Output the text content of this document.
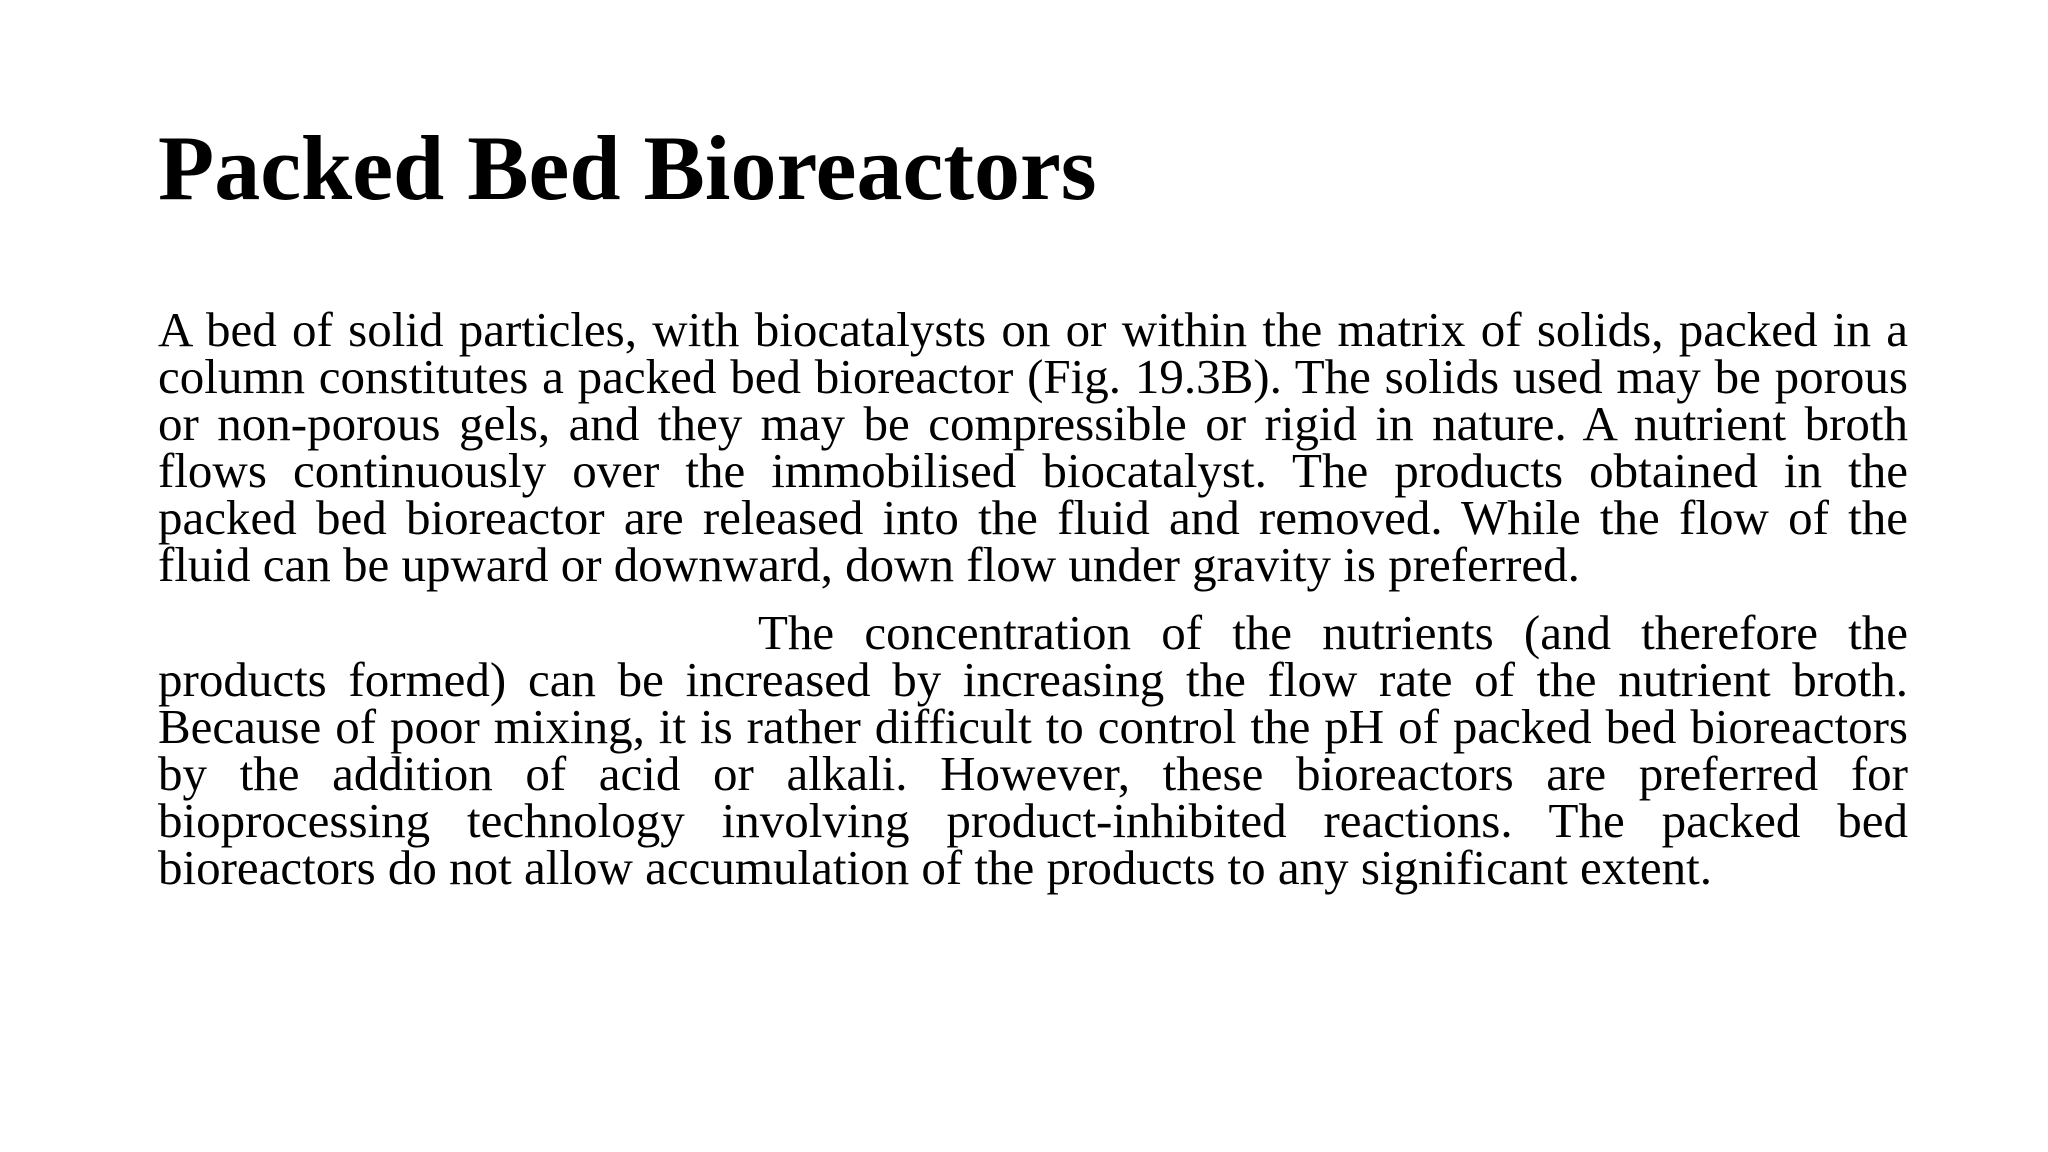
Packed Bed Bioreactors

A bed of solid particles, with biocatalysts on or within the matrix of solids, packed in a column constitutes a packed bed bioreactor (Fig. 19.3B). The solids used may be porous or non-porous gels, and they may be compressible or rigid in nature. A nutrient broth flows continuously over the immobilised biocatalyst. The products obtained in the packed bed bioreactor are released into the fluid and removed. While the flow of the fluid can be upward or downward, down flow under gravity is preferred.

The concentration of the nutrients (and therefore the products formed) can be increased by increasing the flow rate of the nutrient broth. Because of poor mixing, it is rather difficult to control the pH of packed bed bioreactors by the addition of acid or alkali. However, these bioreactors are preferred for bioprocessing technology involving product-inhibited reactions. The packed bed bioreactors do not allow accumulation of the products to any significant extent.
